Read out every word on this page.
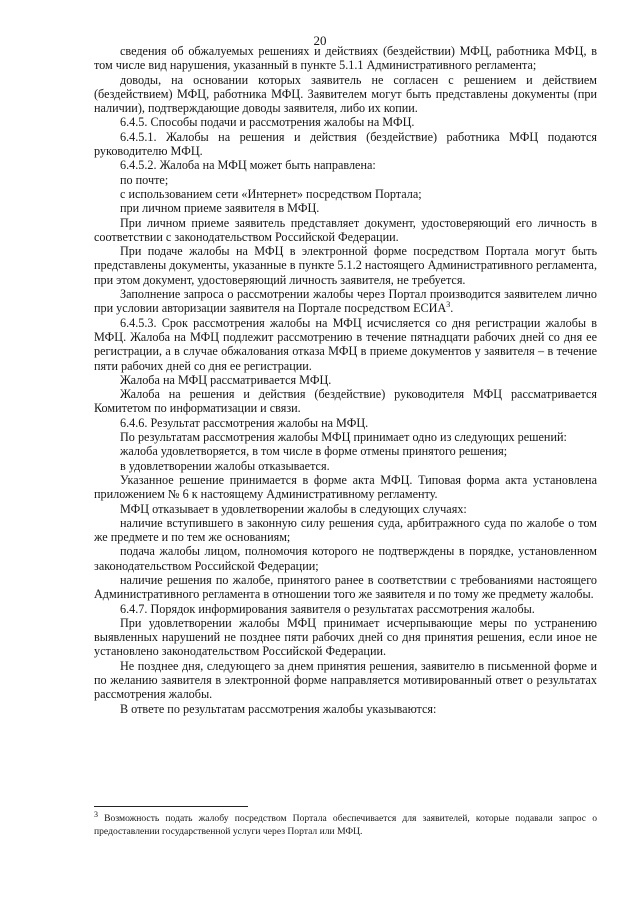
20

сведения об обжалуемых решениях и действиях (бездействии) МФЦ, работника МФЦ, в том числе вид нарушения, указанный в пункте 5.1.1 Административного регламента;

доводы, на основании которых заявитель не согласен с решением и действием (бездействием) МФЦ, работника МФЦ. Заявителем могут быть представлены документы (при наличии), подтверждающие доводы заявителя, либо их копии.

6.4.5. Способы подачи и рассмотрения жалобы на МФЦ.

6.4.5.1. Жалобы на решения и действия (бездействие) работника МФЦ подаются руководителю МФЦ.

6.4.5.2. Жалоба на МФЦ может быть направлена:

по почте;

с использованием сети «Интернет» посредством Портала;

при личном приеме заявителя в МФЦ.

При личном приеме заявитель представляет документ, удостоверяющий его личность в соответствии с законодательством Российской Федерации.

При подаче жалобы на МФЦ в электронной форме посредством Портала могут быть представлены документы, указанные в пункте 5.1.2 настоящего Административного регламента, при этом документ, удостоверяющий личность заявителя, не требуется.

Заполнение запроса о рассмотрении жалобы через Портал производится заявителем лично при условии авторизации заявителя на Портале посредством ЕСИА$^3$.

6.4.5.3. Срок рассмотрения жалобы на МФЦ исчисляется со дня регистрации жалобы в МФЦ. Жалоба на МФЦ подлежит рассмотрению в течение пятнадцати рабочих дней со дня ее регистрации, а в случае обжалования отказа МФЦ в приеме документов у заявителя – в течение пяти рабочих дней со дня ее регистрации.

Жалоба на МФЦ рассматривается МФЦ.

Жалоба на решения и действия (бездействие) руководителя МФЦ рассматривается Комитетом по информатизации и связи.

6.4.6. Результат рассмотрения жалобы на МФЦ.

По результатам рассмотрения жалобы МФЦ принимает одно из следующих решений:

жалоба удовлетворяется, в том числе в форме отмены принятого решения;

в удовлетворении жалобы отказывается.

Указанное решение принимается в форме акта МФЦ. Типовая форма акта установлена приложением № 6 к настоящему Административному регламенту.

МФЦ отказывает в удовлетворении жалобы в следующих случаях:

наличие вступившего в законную силу решения суда, арбитражного суда по жалобе о том же предмете и по тем же основаниям;

подача жалобы лицом, полномочия которого не подтверждены в порядке, установленном законодательством Российской Федерации;

наличие решения по жалобе, принятого ранее в соответствии с требованиями настоящего Административного регламента в отношении того же заявителя и по тому же предмету жалобы.

6.4.7. Порядок информирования заявителя о результатах рассмотрения жалобы.

При удовлетворении жалобы МФЦ принимает исчерпывающие меры по устранению выявленных нарушений не позднее пяти рабочих дней со дня принятия решения, если иное не установлено законодательством Российской Федерации.

Не позднее дня, следующего за днем принятия решения, заявителю в письменной форме и по желанию заявителя в электронной форме направляется мотивированный ответ о результатах рассмотрения жалобы.

В ответе по результатам рассмотрения жалобы указываются:

$^3$ Возможность подать жалобу посредством Портала обеспечивается для заявителей, которые подавали запрос о предоставлении государственной услуги через Портал или МФЦ.
